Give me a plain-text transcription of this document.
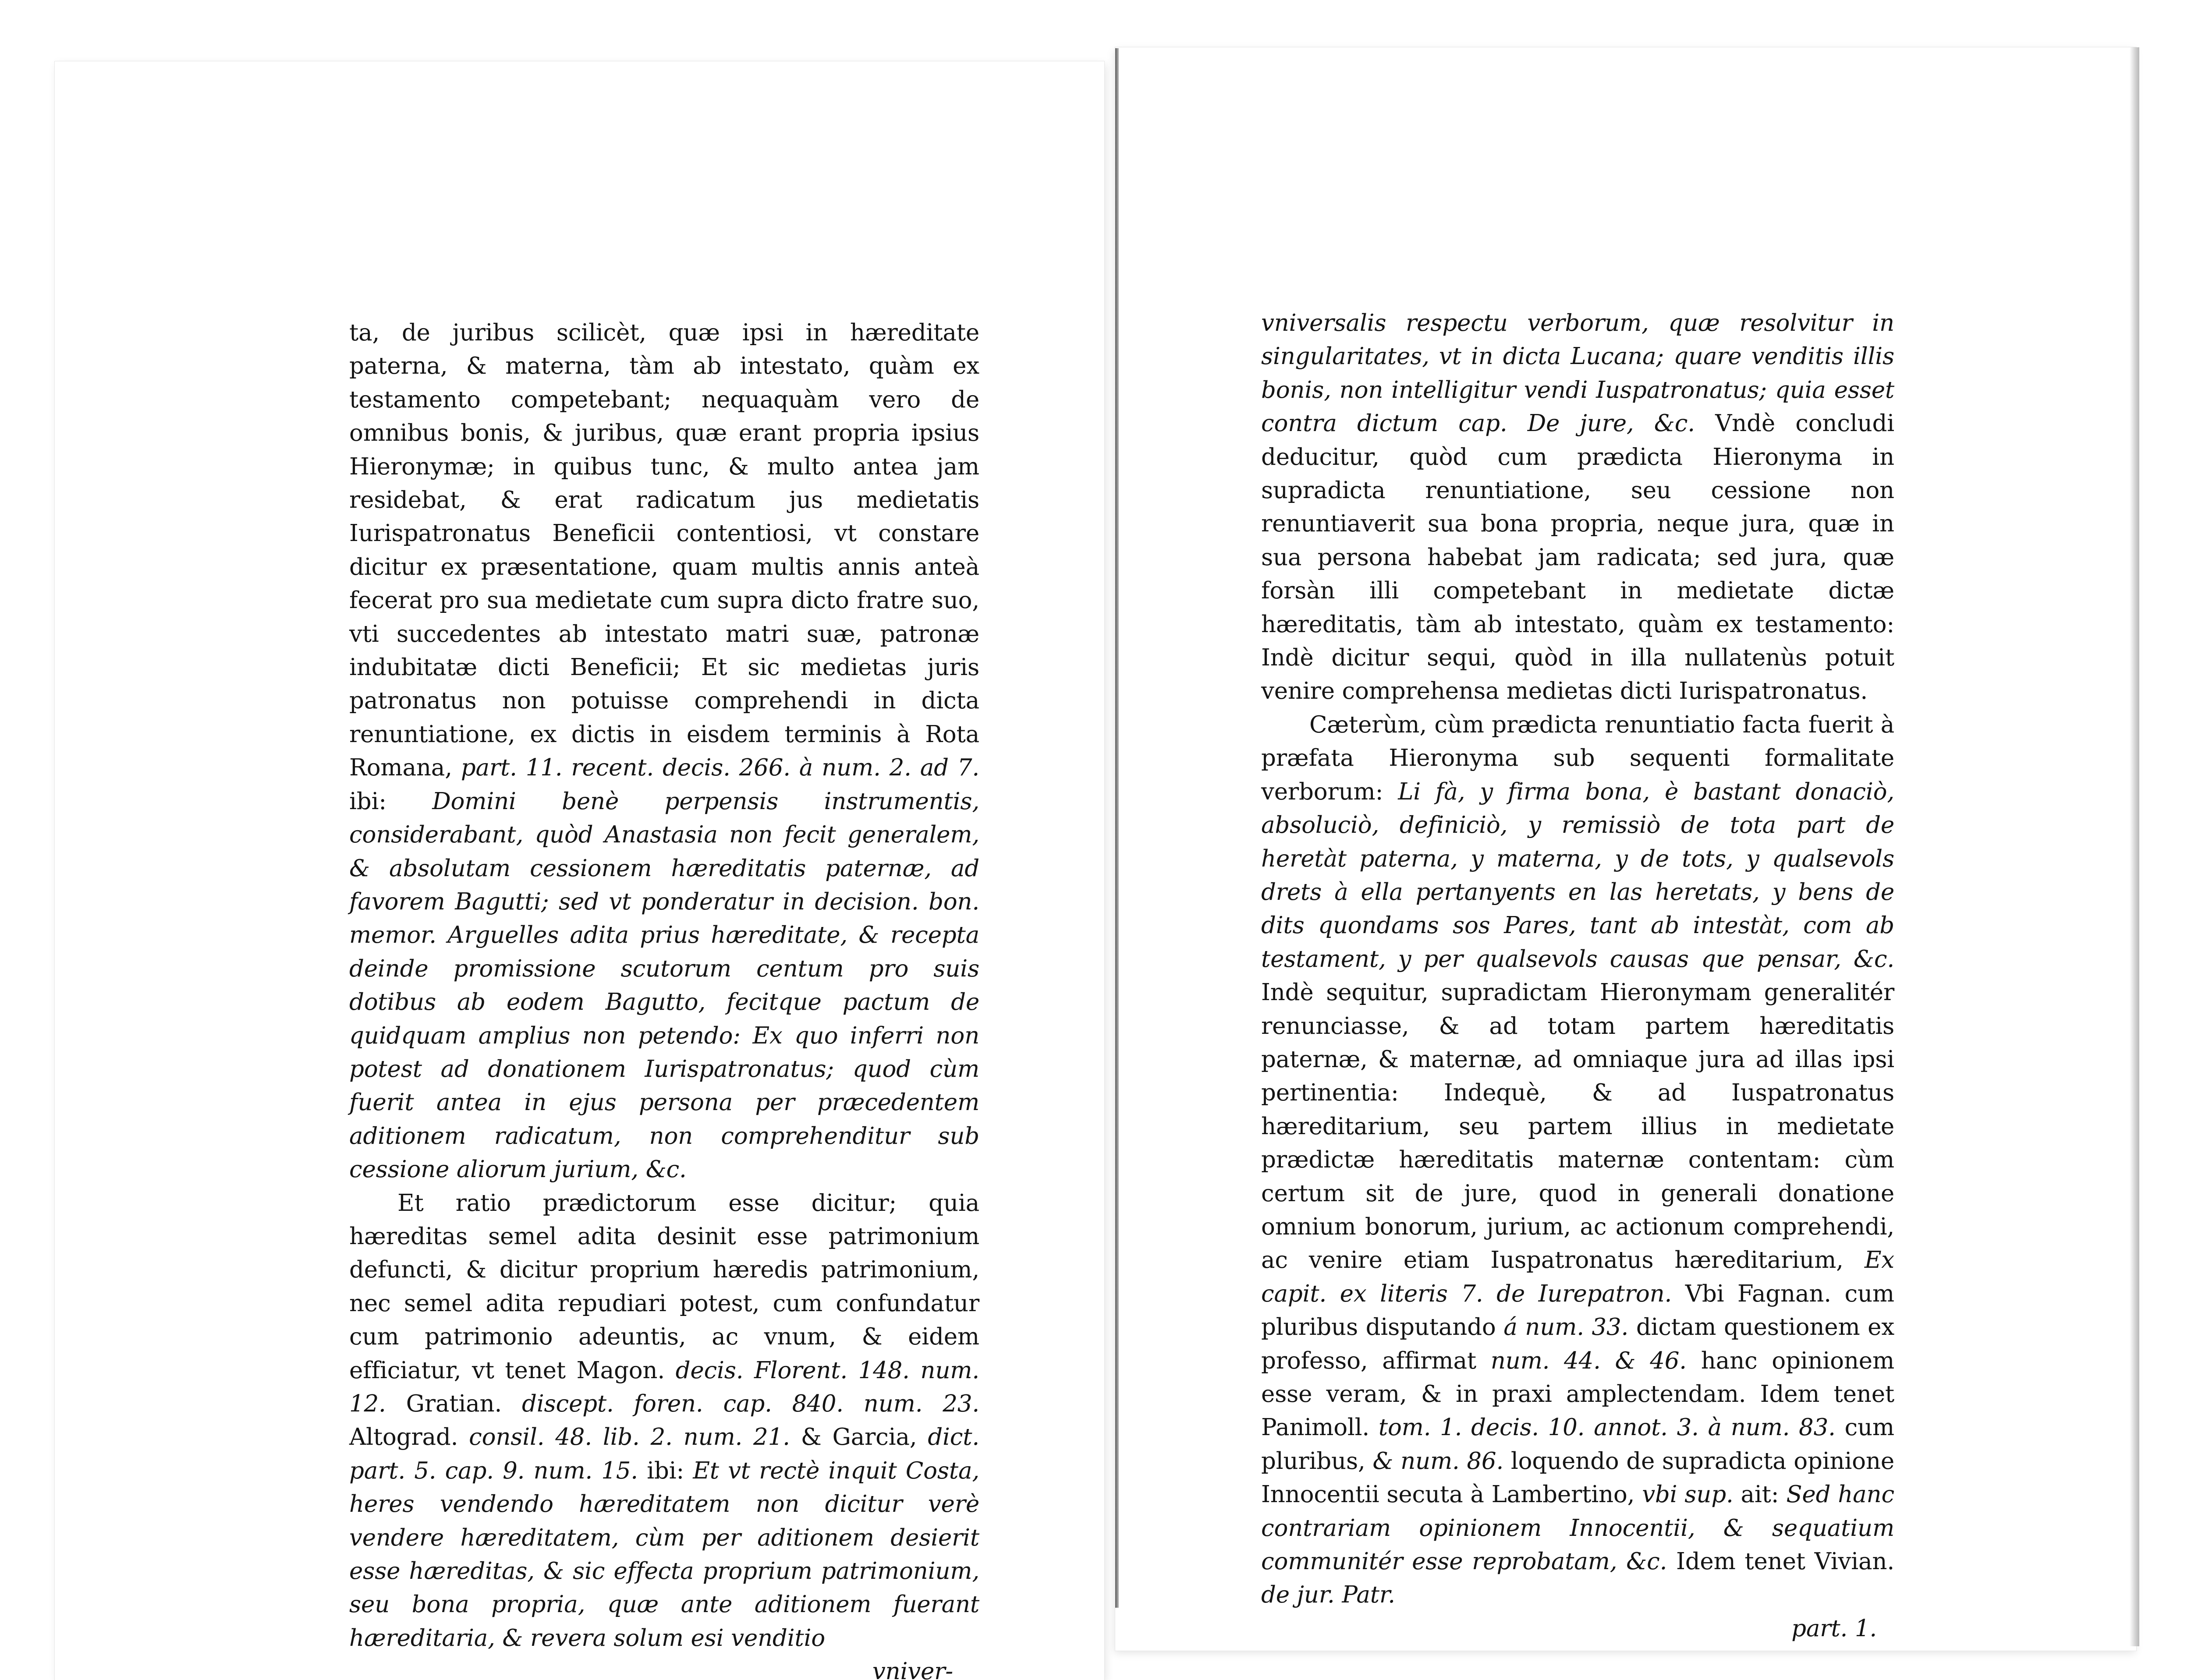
ta, de juribus scilicèt, quæ ipsi in hæreditate paterna, & materna, tàm ab intestato, quàm ex testamento competebant; nequaquàm vero de omnibus bonis, & juribus, quæ erant propria ipsius Hieronymæ; in quibus tunc, & multo antea jam residebat, & erat radicatum jus medietatis Iurispatronatus Beneficii contentiosi, vt constare dicitur ex præsentatione, quam multis annis anteà fecerat pro sua medietate cum supra dicto fratre suo, vti succedentes ab intestato matri suæ, patronæ indubitatæ dicti Beneficii; Et sic medietas juris patronatus non potuisse comprehendi in dicta renuntiatione, ex dictis in eisdem terminis à Rota Romana, part. 11. recent. decis. 266. à num. 2. ad 7. ibi: Domini benè perpensis instrumentis, considerabant, quòd Anastasia non fecit generalem, & absolutam cessionem hæreditatis paternæ, ad favorem Bagutti; sed vt ponderatur in decision. bon. memor. Arguelles adita prius hæreditate, & recepta deinde promissione scutorum centum pro suis dotibus ab eodem Bagutto, fecitque pactum de quidquam amplius non petendo: Ex quo inferri non potest ad donationem Iurispatronatus; quod cùm fuerit antea in ejus persona per præcedentem aditionem radicatum, non comprehenditur sub cessione aliorum jurium, &c.

Et ratio prædictorum esse dicitur; quia hæreditas semel adita desinit esse patrimonium defuncti, & dicitur proprium hæredis patrimonium, nec semel adita repudiari potest, cum confundatur cum patrimonio adeuntis, ac vnum, & eidem efficiatur, vt tenet Magon. decis. Florent. 148. num. 12. Gratian. discept. foren. cap. 840. num. 23. Altograd. consil. 48. lib. 2. num. 21. & Garcia, dict. part. 5. cap. 9. num. 15. ibi: Et vt rectè inquit Costa, heres vendendo hæreditatem non dicitur verè vendere hæreditatem, cùm per aditionem desierit esse hæreditas, & sic effecta proprium patrimonium, seu bona propria, quæ ante aditionem fuerant hæreditaria, & revera solum esi venditio

vniver-

vniversalis respectu verborum, quæ resolvitur in singularitates, vt in dicta Lucana; quare venditis illis bonis, non intelligitur vendi Iuspatronatus; quia esset contra dictum cap. De jure, &c. Vndè concludi deducitur, quòd cum prædicta Hieronyma in supradicta renuntiatione, seu cessione non renuntiaverit sua bona propria, neque jura, quæ in sua persona habebat jam radicata; sed jura, quæ forsàn illi competebant in medietate dictæ hæreditatis, tàm ab intestato, quàm ex testamento: Indè dicitur sequi, quòd in illa nullatenùs potuit venire comprehensa medietas dicti Iurispatronatus.

Cæterùm, cùm prædicta renuntiatio facta fuerit à præfata Hieronyma sub sequenti formalitate verborum: Li fà, y firma bona, è bastant donaciò, absoluciò, definiciò, y remissiò de tota part de heretàt paterna, y materna, y de tots, y qualsevols drets à ella pertanyents en las heretats, y bens de dits quondams sos Pares, tant ab intestàt, com ab testament, y per qualsevols causas que pensar, &c. Indè sequitur, supradictam Hieronymam generalitér renunciasse, & ad totam partem hæreditatis paternæ, & maternæ, ad omniaque jura ad illas ipsi pertinentia: Indequè, & ad Iuspatronatus hæreditarium, seu partem illius in medietate prædictæ hæreditatis maternæ contentam: cùm certum sit de jure, quod in generali donatione omnium bonorum, jurium, ac actionum comprehendi, ac venire etiam Iuspatronatus hæreditarium, Ex capit. ex literis 7. de Iurepatron. Vbi Fagnan. cum pluribus disputando á num. 33. dictam questionem ex professo, affirmat num. 44. & 46. hanc opinionem esse veram, & in praxi amplectendam. Idem tenet Panimoll. tom. 1. decis. 10. annot. 3. à num. 83. cum pluribus, & num. 86. loquendo de supradicta opinione Innocentii secuta à Lambertino, vbi sup. ait: Sed hanc contrariam opinionem Innocentii, & sequatium communitér esse reprobatam, &c. Idem tenet Vivian. de jur. Patr.

part. 1.
